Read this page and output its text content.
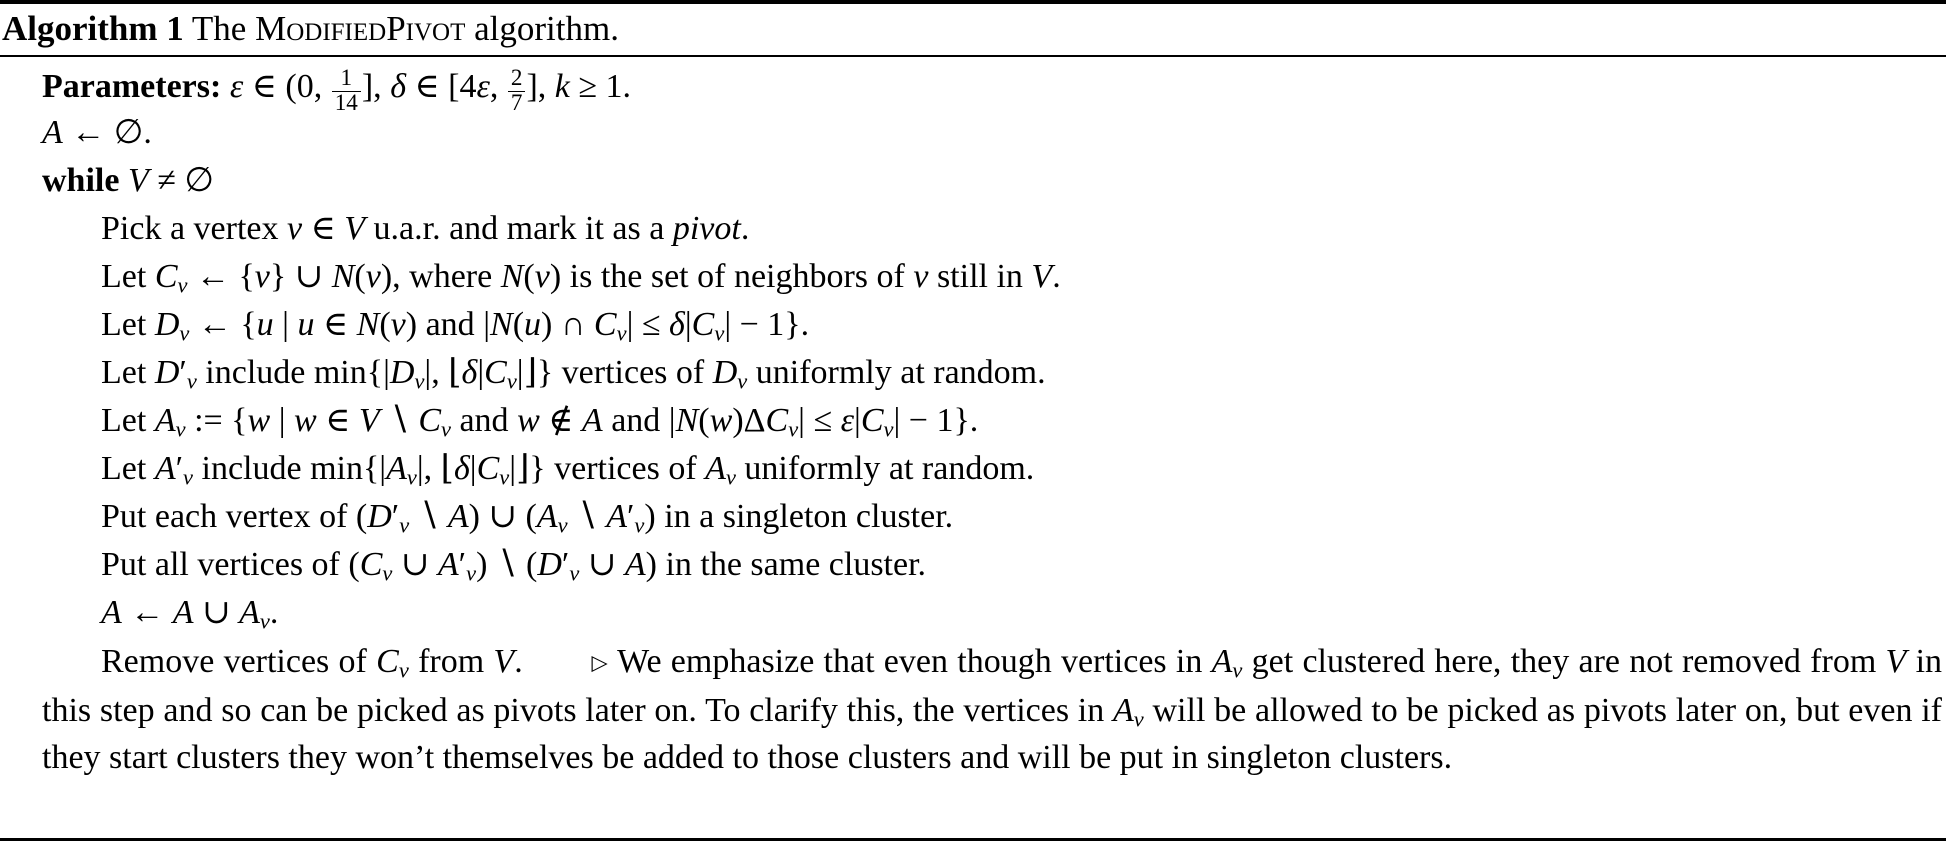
Algorithm 1 The ModifiedPivot algorithm.
Parameters: ε ∈ (0, $\frac{1}{14}$ ], δ ∈ [4ε, $\frac{2}{7}$ ], k ≥ 1.
A ← ∅.
while V ≠ ∅
Pick a vertex v ∈ V u.a.r. and mark it as a pivot.
Let $C_v$ ← {v} ∪ N(v), where N(v) is the set of neighbors of v still in V.
Let $D_v$ ← {u | u ∈ N(v) and |N(u) ∩ $C_v| \le \delta|C_v| - 1$}.
Let $D'_v$ include $\min\{|D_v|$, $⌊\delta|C_v|⌋$} vertices of $D_v$ uniformly at random.
Let $A_v$ := {w | w ∈ V ∖ $C_v$ and w ∉ A and $|N(w)\Delta C_v| \le \varepsilon|C_v| - 1$}.
Let $A'_v$ include $\min\{|A_v|$, $⌊\delta|C_v|⌋$} vertices of $A_v$ uniformly at random.
Put each vertex of ($D'_v$ ∖ A) ∪ ($A_v$ ∖ $A'_v$) in a singleton cluster.
Put all vertices of ($C_v$ ∪ $A'_v$) ∖ ($D'_v$ ∪ A) in the same cluster.
A ← A ∪ $A_v$.
Remove vertices of $C_v$ from V.	▷ We emphasize that even though vertices in $A_v$ get clustered here, they are not removed from V in this step and so can be picked as pivots later on. To clarify this, the vertices in $A_v$ will be allowed to be picked as pivots later on, but even if they start clusters they won’t themselves be added to those clusters and will be put in singleton clusters.
